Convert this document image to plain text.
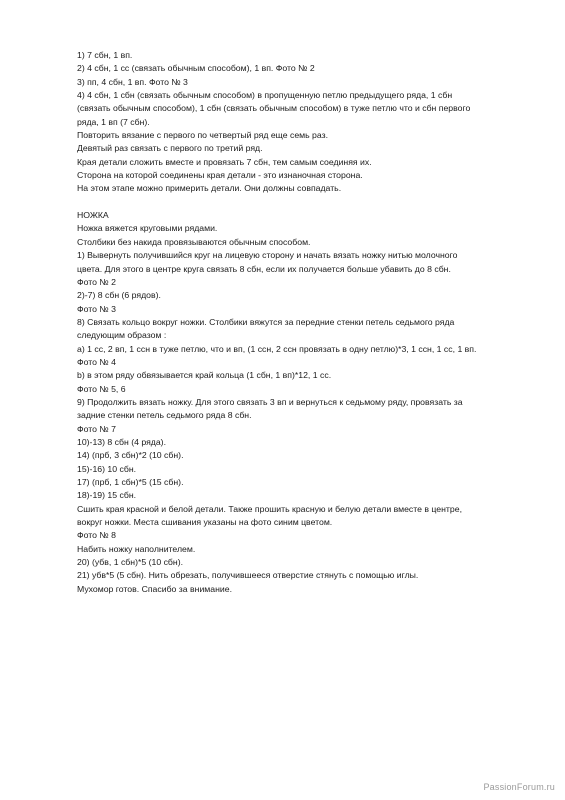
1) 7 сбн, 1 вп.
2) 4 сбн, 1 сс (связать обычным способом), 1 вп. Фото № 2
3) пп, 4 сбн, 1 вп. Фото № 3
4) 4 сбн, 1 сбн (связать обычным способом) в пропущенную петлю предыдущего ряда, 1 сбн
(связать обычным способом), 1 сбн (связать обычным способом) в туже петлю что и сбн первого
ряда, 1 вп (7 сбн).
Повторить вязание с первого по четвертый ряд еще семь раз.
Девятый раз связать с первого по третий ряд.
Края детали сложить вместе и провязать 7 сбн, тем самым соединяя их.
Сторона на которой соединены края детали - это изнаночная сторона.
На этом этапе можно примерить детали. Они должны совпадать.
НОЖКА
Ножка вяжется круговыми рядами.
Столбики без накида провязываются обычным способом.
1) Вывернуть получившийся круг на лицевую сторону и начать вязать ножку нитью молочного
цвета. Для этого в центре круга связать 8 сбн, если их получается больше убавить до 8 сбн.
Фото № 2
2)-7) 8 сбн (6 рядов).
Фото № 3
8) Связать кольцо вокруг ножки. Столбики вяжутся за передние стенки петель седьмого ряда
следующим образом :
a) 1 сс, 2 вп, 1 ссн в туже петлю, что и вп, (1 ссн, 2 ссн провязать в одну петлю)*3, 1 ссн, 1 сс, 1 вп.
Фото № 4
b) в этом ряду обвязывается край кольца (1 сбн, 1 вп)*12, 1 сс.
Фото № 5, 6
9) Продолжить вязать ножку. Для этого связать 3 вп и вернуться к седьмому ряду, провязать за
задние стенки петель седьмого ряда 8 сбн.
Фото № 7
10)-13) 8 сбн (4 ряда).
14) (прб, 3 сбн)*2 (10 сбн).
15)-16) 10 сбн.
17) (прб, 1 сбн)*5 (15 сбн).
18)-19) 15 сбн.
Сшить края красной и белой детали. Также прошить красную и белую детали вместе в центре,
вокруг ножки. Места сшивания указаны на фото синим цветом.
Фото № 8
Набить ножку наполнителем.
20) (убв, 1 сбн)*5 (10 сбн).
21) убв*5 (5 сбн). Нить обрезать, получившееся отверстие стянуть с помощью иглы.
Мухомор готов. Спасибо за внимание.
PassionForum.ru
